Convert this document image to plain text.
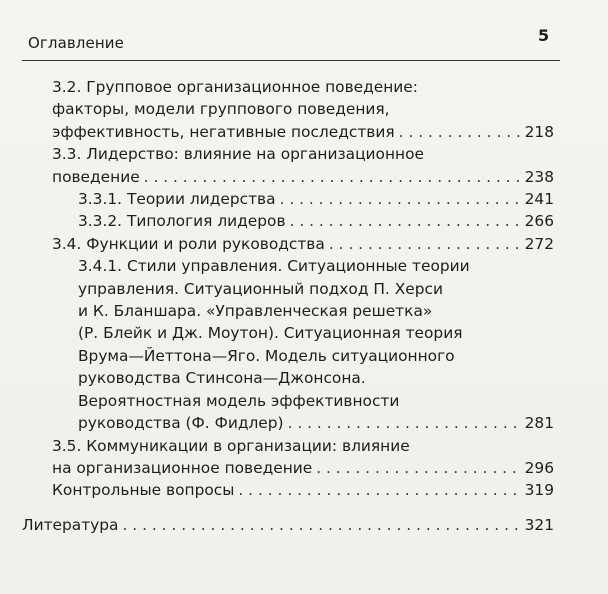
Оглавление	5
3.2. Групповое организационное поведение:
факторы, модели группового поведения,
эффективность, негативные последствия . . .	218
3.3. Лидерство: влияние на организационное
поведение . . .	238
3.3.1. Теории лидерства . . .	241
3.3.2. Типология лидеров . . .	266
3.4. Функции и роли руководства . . .	272
3.4.1. Стили управления. Ситуационные теории
управления. Ситуационный подход П. Херси
и К. Бланшара. «Управленческая решетка»
(Р. Блейк и Дж. Моутон). Ситуационная теория
Врума—Йеттона—Яго. Модель ситуационного
руководства Стинсона—Джонсона.
Вероятностная модель эффективности
руководства (Ф. Фидлер) . . .	281
3.5. Коммуникации в организации: влияние
на организационное поведение . . .	296
Контрольные вопросы . . .	319
Литература . . .	321
